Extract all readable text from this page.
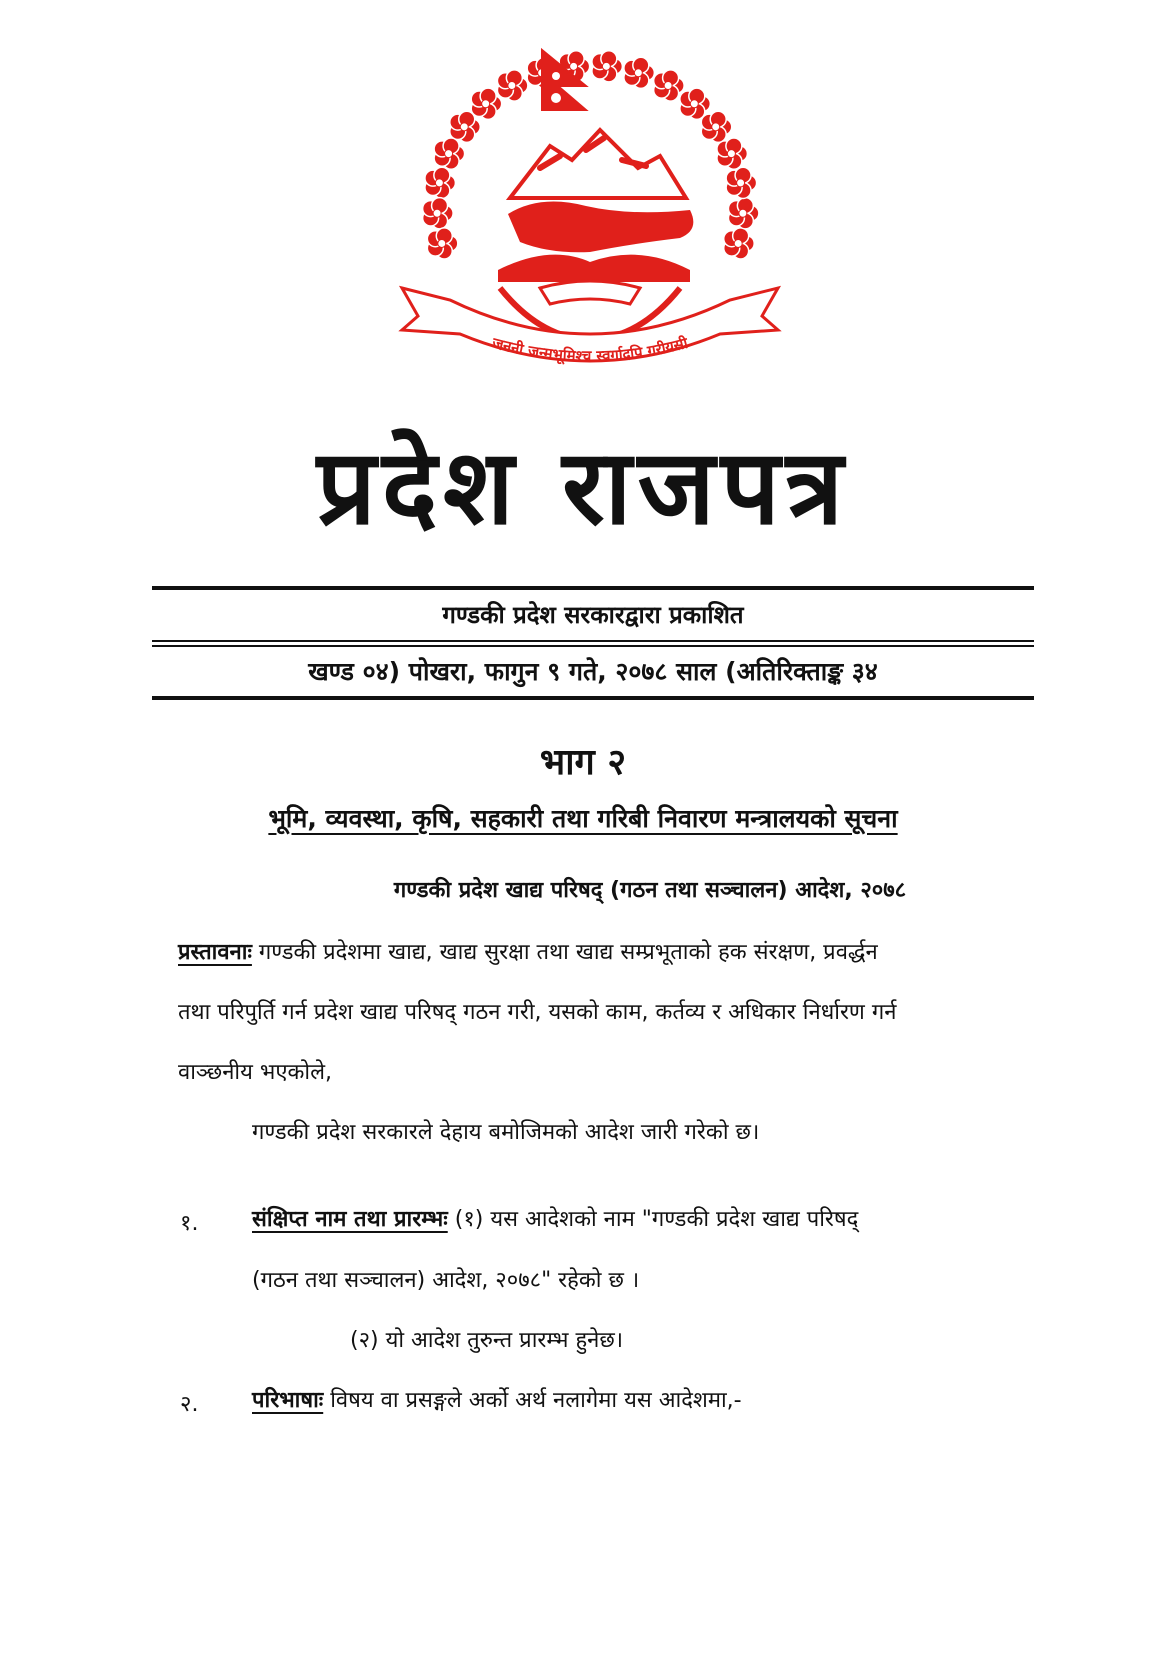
जननी जन्मभूमिश्च स्वर्गादपि गरीयसी
प्रदेश राजपत्र
गण्डकी प्रदेश सरकारद्वारा प्रकाशित
खण्ड ०४) पोखरा, फागुन ९ गते, २०७८ साल (अतिरिक्ताङ्क ३४
भाग २
भूमि, व्यवस्था, कृषि, सहकारी तथा गरिबी निवारण मन्त्रालयको सूचना
गण्डकी प्रदेश खाद्य परिषद् (गठन तथा सञ्चालन) आदेश, २०७८
प्रस्तावनाः गण्डकी प्रदेशमा खाद्य, खाद्य सुरक्षा तथा खाद्य सम्प्रभूताको हक संरक्षण, प्रवर्द्धन
तथा परिपुर्ति गर्न प्रदेश खाद्य परिषद् गठन गरी, यसको काम, कर्तव्य र अधिकार निर्धारण गर्न
वाञ्छनीय भएकोले,
गण्डकी प्रदेश सरकारले देहाय बमोजिमको आदेश जारी गरेको छ।
१. संक्षिप्त नाम तथा प्रारम्भः (१) यस आदेशको नाम "गण्डकी प्रदेश खाद्य परिषद्
(गठन तथा सञ्चालन) आदेश, २०७८" रहेको छ ।
(२) यो आदेश तुरुन्त प्रारम्भ हुनेछ।
२. परिभाषाः विषय वा प्रसङ्गले अर्को अर्थ नलागेमा यस आदेशमा,-
